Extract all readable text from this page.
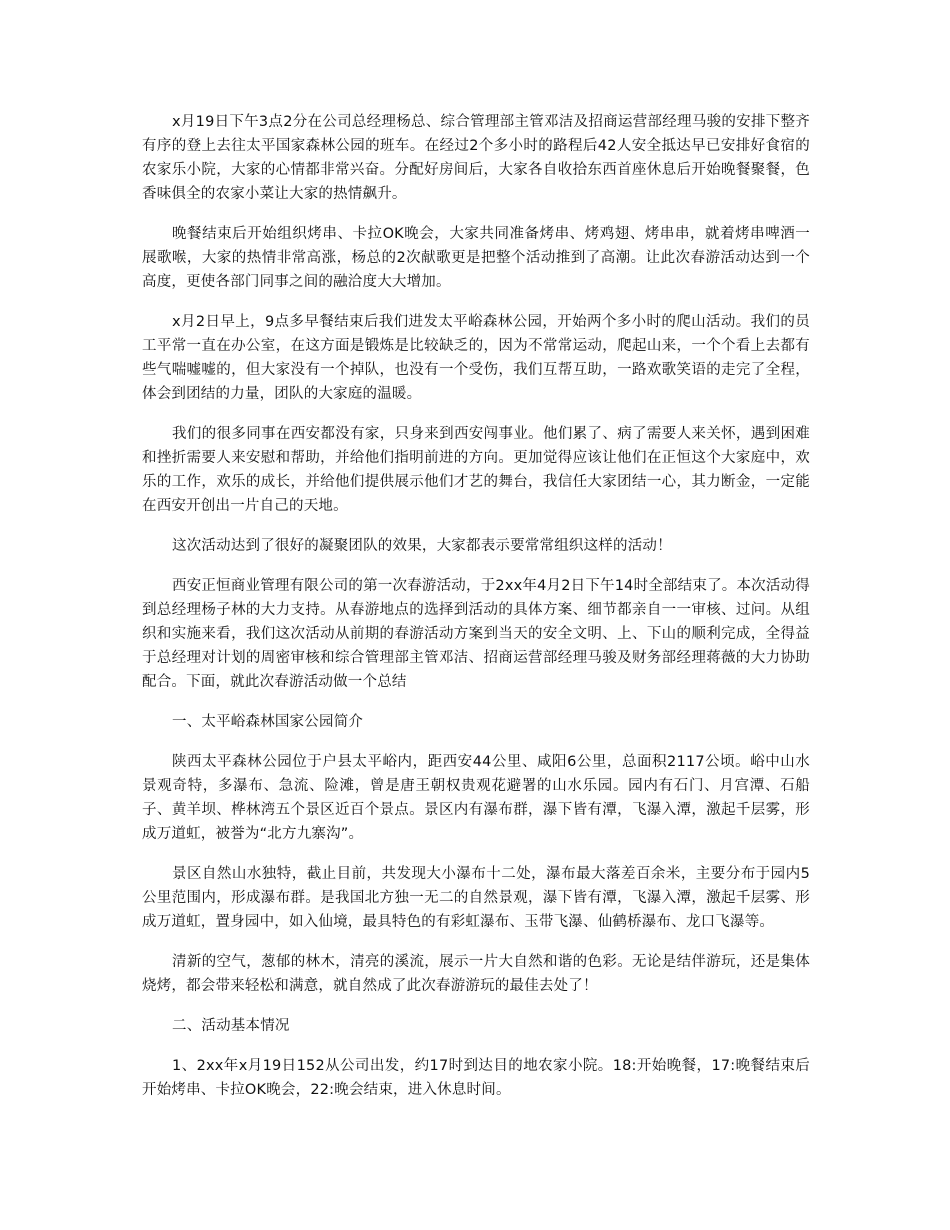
x月19日下午3点2分在公司总经理杨总、综合管理部主管邓洁及招商运营部经理马骏的安排下整齐有序的登上去往太平国家森林公园的班车。在经过2个多小时的路程后42人安全抵达早已安排好食宿的农家乐小院，大家的心情都非常兴奋。分配好房间后，大家各自收拾东西首座休息后开始晚餐聚餐，色香味俱全的农家小菜让大家的热情飙升。

晚餐结束后开始组织烤串、卡拉OK晚会，大家共同准备烤串、烤鸡翅、烤串串，就着烤串啤酒一展歌喉，大家的热情非常高涨，杨总的2次献歌更是把整个活动推到了高潮。让此次春游活动达到一个高度，更使各部门同事之间的融洽度大大增加。

x月2日早上，9点多早餐结束后我们进发太平峪森林公园，开始两个多小时的爬山活动。我们的员工平常一直在办公室，在这方面是锻炼是比较缺乏的，因为不常常运动，爬起山来，一个个看上去都有些气喘嘘嘘的，但大家没有一个掉队，也没有一个受伤，我们互帮互助，一路欢歌笑语的走完了全程，体会到团结的力量，团队的大家庭的温暖。

我们的很多同事在西安都没有家，只身来到西安闯事业。他们累了、病了需要人来关怀，遇到困难和挫折需要人来安慰和帮助，并给他们指明前进的方向。更加觉得应该让他们在正恒这个大家庭中，欢乐的工作，欢乐的成长，并给他们提供展示他们才艺的舞台，我信任大家团结一心，其力断金，一定能在西安开创出一片自己的天地。

这次活动达到了很好的凝聚团队的效果，大家都表示要常常组织这样的活动！

西安正恒商业管理有限公司的第一次春游活动，于2xx年4月2日下午14时全部结束了。本次活动得到总经理杨子林的大力支持。从春游地点的选择到活动的具体方案、细节都亲自一一审核、过问。从组织和实施来看，我们这次活动从前期的春游活动方案到当天的安全文明、上、下山的顺利完成，全得益于总经理对计划的周密审核和综合管理部主管邓洁、招商运营部经理马骏及财务部经理蒋薇的大力协助配合。下面，就此次春游活动做一个总结

一、太平峪森林国家公园简介

陕西太平森林公园位于户县太平峪内，距西安44公里、咸阳6公里，总面积2117公顷。峪中山水景观奇特，多瀑布、急流、险滩，曾是唐王朝权贵观花避署的山水乐园。园内有石门、月宫潭、石船子、黄羊坝、桦林湾五个景区近百个景点。景区内有瀑布群，瀑下皆有潭，飞瀑入潭，激起千层雾，形成万道虹，被誉为“北方九寨沟”。

景区自然山水独特，截止目前，共发现大小瀑布十二处，瀑布最大落差百余米，主要分布于园内5公里范围内，形成瀑布群。是我国北方独一无二的自然景观，瀑下皆有潭，飞瀑入潭，激起千层雾、形成万道虹，置身园中，如入仙境，最具特色的有彩虹瀑布、玉带飞瀑、仙鹤桥瀑布、龙口飞瀑等。

清新的空气，葱郁的林木，清亮的溪流，展示一片大自然和谐的色彩。无论是结伴游玩，还是集体烧烤，都会带来轻松和满意，就自然成了此次春游游玩的最佳去处了！

二、活动基本情况

1、2xx年x月19日152从公司出发，约17时到达目的地农家小院。18:开始晚餐，17:晚餐结束后开始烤串、卡拉OK晚会，22:晚会结束，进入休息时间。
